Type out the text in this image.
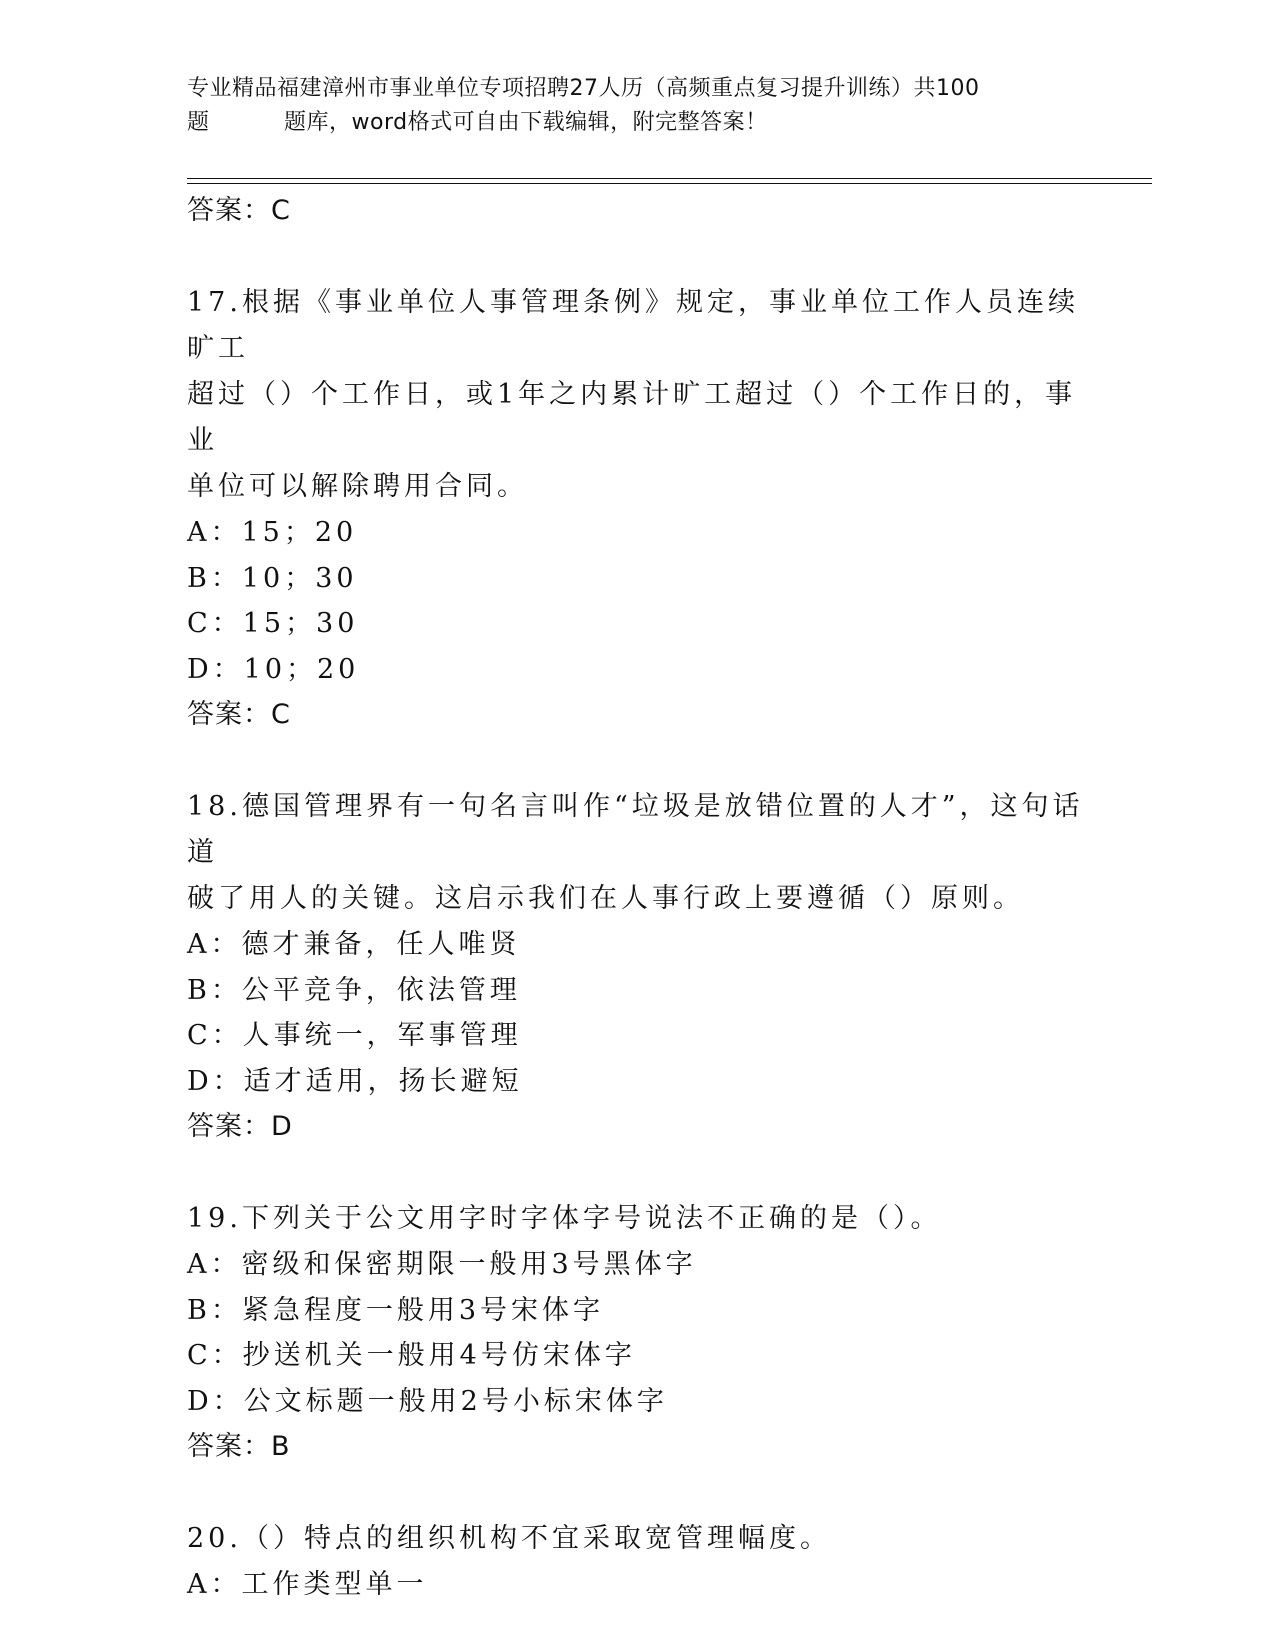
专业精品福建漳州市事业单位专项招聘27人历（高频重点复习提升训练）共100
题	题库，word格式可自由下载编辑，附完整答案！

答案：C

17.根据《事业单位人事管理条例》规定，事业单位工作人员连续旷工

超过（）个工作日，或1年之内累计旷工超过（）个工作日的，事业

单位可以解除聘用合同。

A：15；20

B：10；30

C：15；30

D：10；20

答案：C

18.德国管理界有一句名言叫作“垃圾是放错位置的人才”，这句话道

破了用人的关键。这启示我们在人事行政上要遵循（）原则。

A：德才兼备，任人唯贤

B：公平竞争，依法管理

C：人事统一，军事管理

D：适才适用，扬长避短

答案：D

19.下列关于公文用字时字体字号说法不正确的是（）。

A：密级和保密期限一般用3号黑体字

B：紧急程度一般用3号宋体字

C：抄送机关一般用4号仿宋体字

D：公文标题一般用2号小标宋体字

答案：B

20.（）特点的组织机构不宜采取宽管理幅度。

A：工作类型单一
